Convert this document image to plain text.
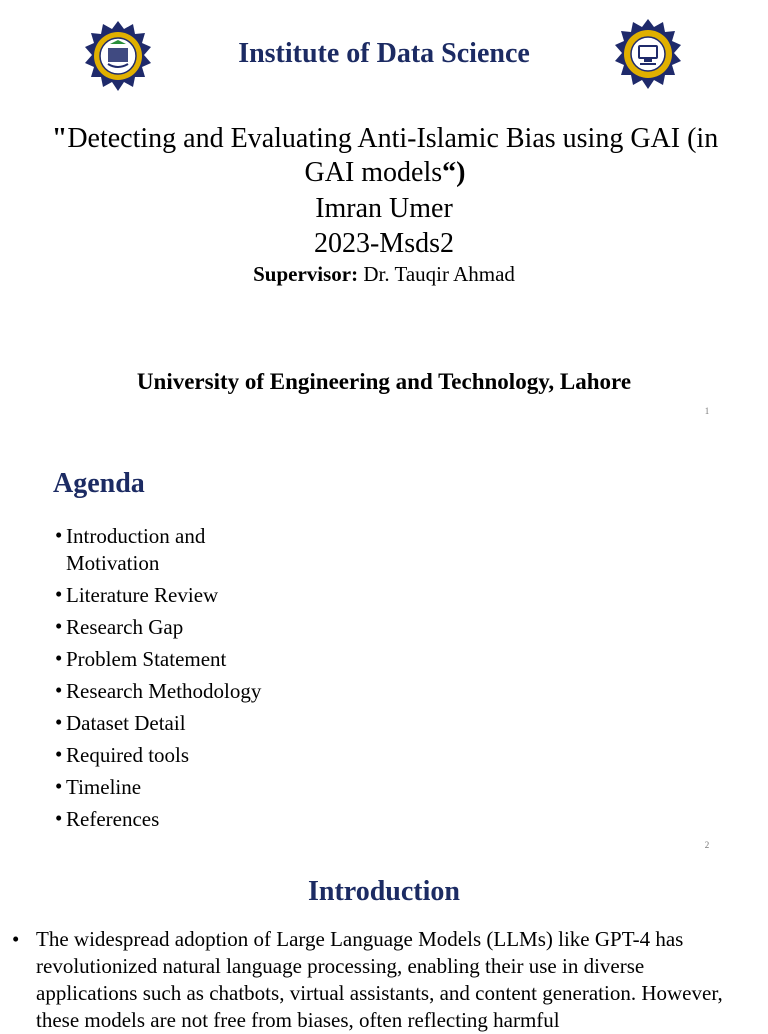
Institute of Data Science
"Detecting and Evaluating Anti-Islamic Bias using GAI (in GAI models“)
Imran Umer
2023-Msds2
Supervisor: Dr. Tauqir Ahmad
University of Engineering and Technology, Lahore
1
Agenda
• Introduction and Motivation
• Literature Review
• Research Gap
• Problem Statement
• Research Methodology
• Dataset Detail
• Required tools
• Timeline
• References
2
Introduction
• The widespread adoption of Large Language Models (LLMs) like GPT-4 has revolutionized natural language processing, enabling their use in diverse applications such as chatbots, virtual assistants, and content generation. However, these models are not free from biases, often reflecting harmful
